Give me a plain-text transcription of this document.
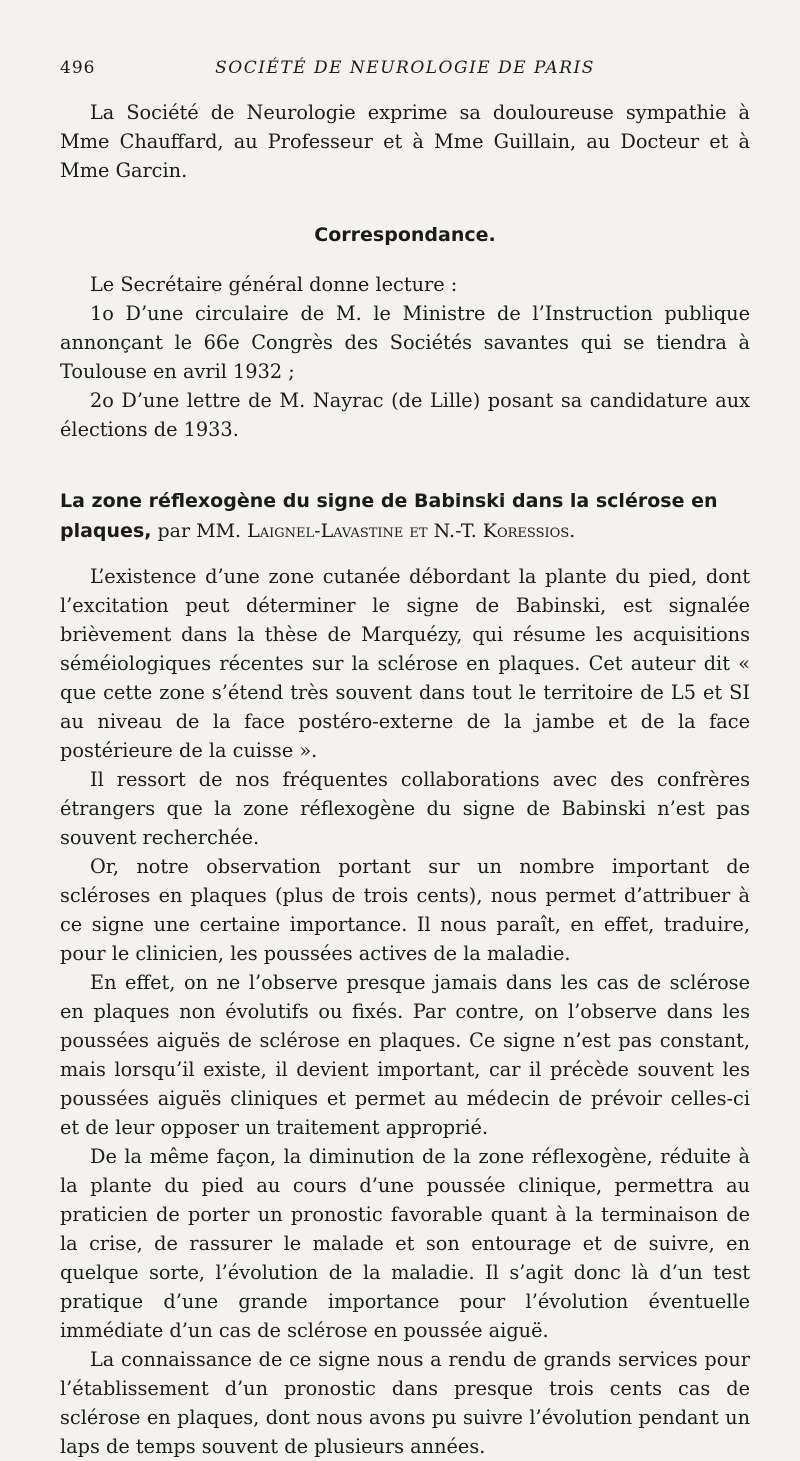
496	SOCIÉTÉ DE NEUROLOGIE DE PARIS

La Société de Neurologie exprime sa douloureuse sympathie à Mme Chauffard, au Professeur et à Mme Guillain, au Docteur et à Mme Garcin.

Correspondance.

Le Secrétaire général donne lecture :

1o D’une circulaire de M. le Ministre de l’Instruction publique annonçant le 66e Congrès des Sociétés savantes qui se tiendra à Toulouse en avril 1932 ;

2o D’une lettre de M. Nayrac (de Lille) posant sa candidature aux élections de 1933.

La zone réflexogène du signe de Babinski dans la sclérose en plaques, par MM. Laignel-Lavastine et N.-T. Koressios.

L’existence d’une zone cutanée débordant la plante du pied, dont l’excitation peut déterminer le signe de Babinski, est signalée brièvement dans la thèse de Marquézy, qui résume les acquisitions séméiologiques récentes sur la sclérose en plaques. Cet auteur dit « que cette zone s’étend très souvent dans tout le territoire de L5 et SI au niveau de la face postéro-externe de la jambe et de la face postérieure de la cuisse ».

Il ressort de nos fréquentes collaborations avec des confrères étrangers que la zone réflexogène du signe de Babinski n’est pas souvent recherchée.

Or, notre observation portant sur un nombre important de scléroses en plaques (plus de trois cents), nous permet d’attribuer à ce signe une certaine importance. Il nous paraît, en effet, traduire, pour le clinicien, les poussées actives de la maladie.

En effet, on ne l’observe presque jamais dans les cas de sclérose en plaques non évolutifs ou fixés. Par contre, on l’observe dans les poussées aiguës de sclérose en plaques. Ce signe n’est pas constant, mais lorsqu’il existe, il devient important, car il précède souvent les poussées aiguës cliniques et permet au médecin de prévoir celles-ci et de leur opposer un traitement approprié.

De la même façon, la diminution de la zone réflexogène, réduite à la plante du pied au cours d’une poussée clinique, permettra au praticien de porter un pronostic favorable quant à la terminaison de la crise, de rassurer le malade et son entourage et de suivre, en quelque sorte, l’évolution de la maladie. Il s’agit donc là d’un test pratique d’une grande importance pour l’évolution éventuelle immédiate d’un cas de sclérose en poussée aiguë.

La connaissance de ce signe nous a rendu de grands services pour l’établissement d’un pronostic dans presque trois cents cas de sclérose en plaques, dont nous avons pu suivre l’évolution pendant un laps de temps souvent de plusieurs années.
